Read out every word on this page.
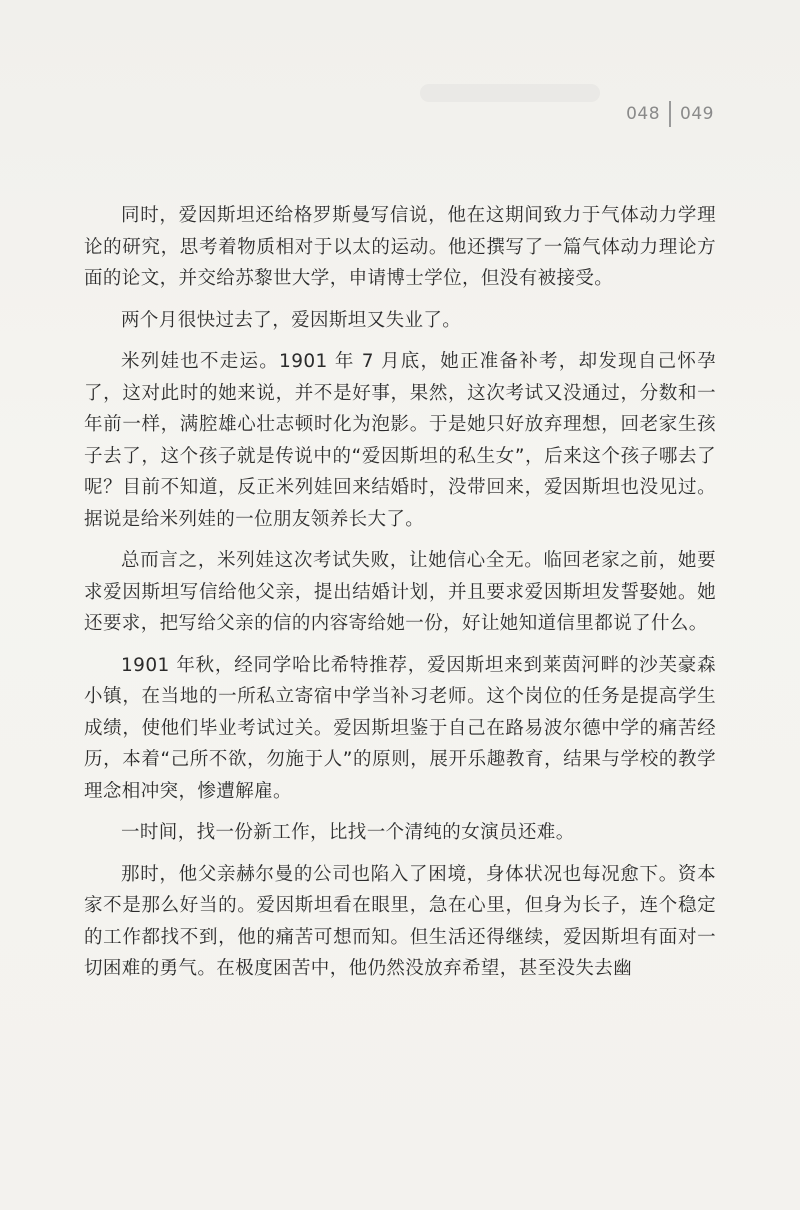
048 049

同时，爱因斯坦还给格罗斯曼写信说，他在这期间致力于气体动力学理论的研究，思考着物质相对于以太的运动。他还撰写了一篇气体动力理论方面的论文，并交给苏黎世大学，申请博士学位，但没有被接受。

两个月很快过去了，爱因斯坦又失业了。

米列娃也不走运。1901 年 7 月底，她正准备补考，却发现自己怀孕了，这对此时的她来说，并不是好事，果然，这次考试又没通过，分数和一年前一样，满腔雄心壮志顿时化为泡影。于是她只好放弃理想，回老家生孩子去了，这个孩子就是传说中的“爱因斯坦的私生女”，后来这个孩子哪去了呢？目前不知道，反正米列娃回来结婚时，没带回来，爱因斯坦也没见过。据说是给米列娃的一位朋友领养长大了。

总而言之，米列娃这次考试失败，让她信心全无。临回老家之前，她要求爱因斯坦写信给他父亲，提出结婚计划，并且要求爱因斯坦发誓娶她。她还要求，把写给父亲的信的内容寄给她一份，好让她知道信里都说了什么。

1901 年秋，经同学哈比希特推荐，爱因斯坦来到莱茵河畔的沙芙豪森小镇，在当地的一所私立寄宿中学当补习老师。这个岗位的任务是提高学生成绩，使他们毕业考试过关。爱因斯坦鉴于自己在路易波尔德中学的痛苦经历，本着“己所不欲，勿施于人”的原则，展开乐趣教育，结果与学校的教学理念相冲突，惨遭解雇。

一时间，找一份新工作，比找一个清纯的女演员还难。

那时，他父亲赫尔曼的公司也陷入了困境，身体状况也每况愈下。资本家不是那么好当的。爱因斯坦看在眼里，急在心里，但身为长子，连个稳定的工作都找不到，他的痛苦可想而知。但生活还得继续，爱因斯坦有面对一切困难的勇气。在极度困苦中，他仍然没放弃希望，甚至没失去幽
